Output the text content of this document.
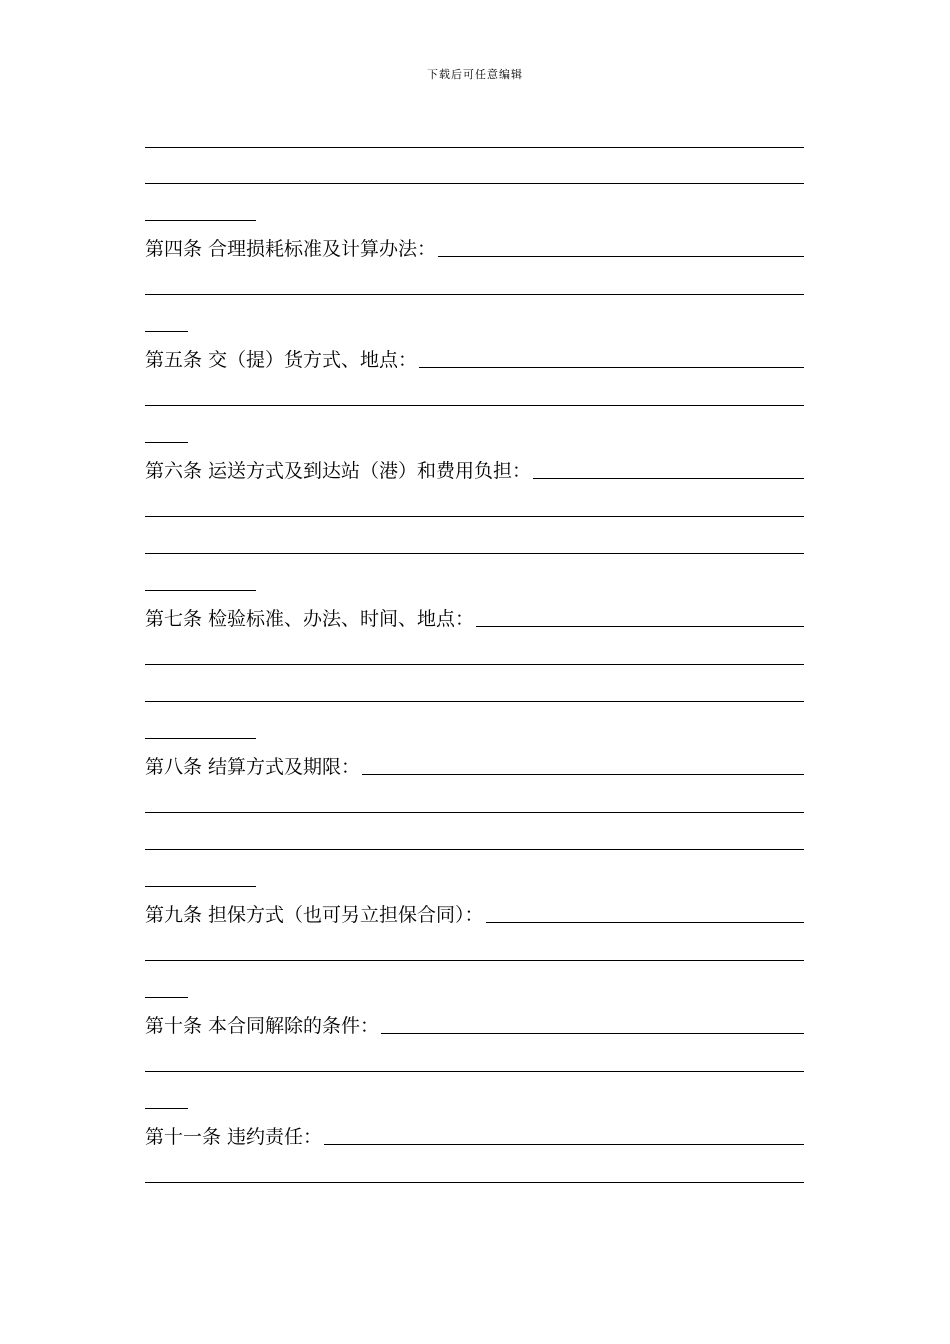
下载后可任意编辑
第四条 合理损耗标准及计算办法：
第五条 交（提）货方式、地点：
第六条 运送方式及到达站（港）和费用负担：
第七条 检验标准、办法、时间、地点：
第八条 结算方式及期限：
第九条 担保方式（也可另立担保合同）：
第十条 本合同解除的条件：
第十一条 违约责任：
